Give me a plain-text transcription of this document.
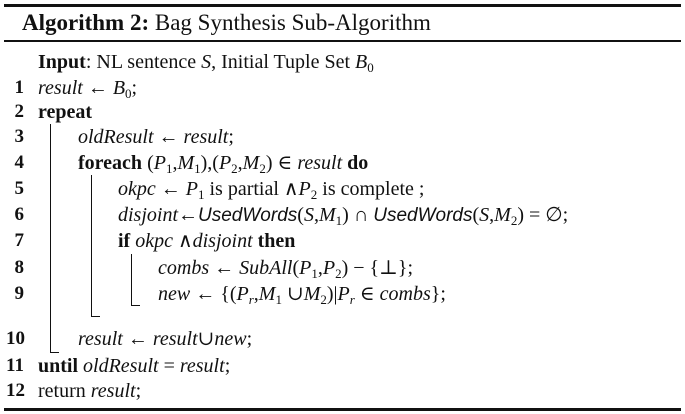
Algorithm 2: Bag Synthesis Sub-Algorithm
Input: NL sentence S, Initial Tuple Set $B_0$
1
2
3
4
5
6
7
8
9
10
11
12
result ← $B_0$;
repeat
oldResult ← result;
foreach $(P_1,M_1),(P_2,M_2)$ ∈ result do
okpc ← $P_1$ is partial $\wedge P_2$ is complete ;
$disjoint\leftarrow UsedWords(S,M_1)$ ∩ $UsedWords(S,M_2)$ = ∅;
if okpc ∧disjoint then
combs ← $SubAll(P_1,P_2)$ − {⊥};
new ← {($P_r,M_1$ $\cup M_2)|P_r$ ∈ combs};
result ← result∪new;
until oldResult = result;
return result;
